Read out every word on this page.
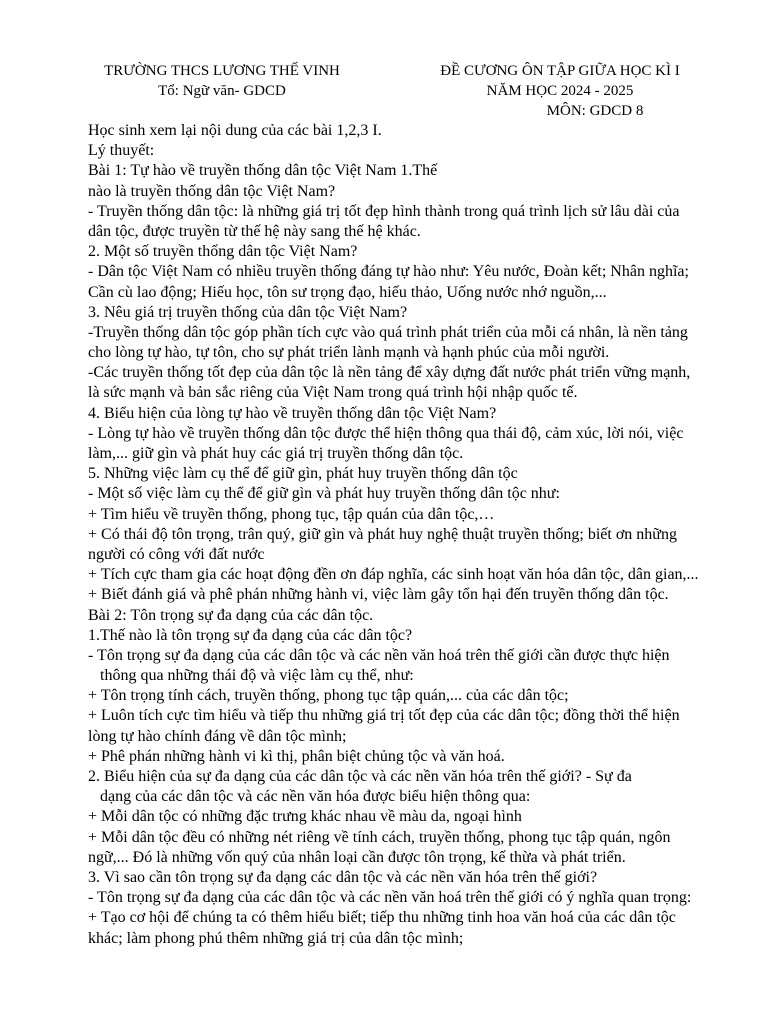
TRƯỜNG THCS LƯƠNG THẾ VINH
Tổ: Ngữ văn- GDCD
ĐỀ CƯƠNG ÔN TẬP GIỮA HỌC KÌ I
NĂM HỌC 2024 - 2025
MÔN: GDCD 8
Học sinh xem lại nội dung của các bài 1,2,3 I.
Lý thuyết:
Bài 1: Tự hào về truyền thống dân tộc Việt Nam 1.Thế
nào là truyền thống dân tộc Việt Nam?
- Truyền thống dân tộc: là những giá trị tốt đẹp hình thành trong quá trình lịch sử lâu dài của
dân tộc, được truyền từ thế hệ này sang thế hệ khác.
2. Một số truyền thống dân tộc Việt Nam?
- Dân tộc Việt Nam có nhiều truyền thống đáng tự hào như: Yêu nước, Đoàn kết; Nhân nghĩa;
Cần cù lao động; Hiếu học, tôn sư trọng đạo, hiếu thảo, Uống nước nhớ nguồn,...
3. Nêu giá trị truyền thống của dân tộc Việt Nam?
-Truyền thống dân tộc góp phần tích cực vào quá trình phát triển của mỗi cá nhân, là nền tảng
cho lòng tự hào, tự tôn, cho sự phát triển lành mạnh và hạnh phúc của mỗi người.
-Các truyền thống tốt đẹp của dân tộc là nền tảng để xây dựng đất nước phát triển vững mạnh,
là sức mạnh và bản sắc riêng của Việt Nam trong quá trình hội nhập quốc tế.
4. Biểu hiện của lòng tự hào về truyền thống dân tộc Việt Nam?
- Lòng tự hào về truyền thống dân tộc được thể hiện thông qua thái độ, cảm xúc, lời nói, việc
làm,... giữ gìn và phát huy các giá trị truyền thống dân tộc.
5. Những việc làm cụ thể để giữ gìn, phát huy truyền thống dân tộc
- Một số việc làm cụ thể để giữ gìn và phát huy truyền thống dân tộc như:
+ Tìm hiểu về truyền thống, phong tục, tập quán của dân tộc,…
+ Có thái độ tôn trọng, trân quý, giữ gìn và phát huy nghệ thuật truyền thống; biết ơn những
người có công với đất nước
+ Tích cực tham gia các hoạt động đền ơn đáp nghĩa, các sinh hoạt văn hóa dân tộc, dân gian,...
+ Biết đánh giá và phê phán những hành vi, việc làm gây tổn hại đến truyền thống dân tộc.
Bài 2: Tôn trọng sự đa dạng của các dân tộc.
1.Thế nào là tôn trọng sự đa dạng của các dân tộc?
- Tôn trọng sự đa dạng của các dân tộc và các nền văn hoá trên thế giới cần được thực hiện
thông qua những thái độ và việc làm cụ thể, như:
+ Tôn trọng tính cách, truyền thống, phong tục tập quán,... của các dân tộc;
+ Luôn tích cực tìm hiểu và tiếp thu những giá trị tốt đẹp của các dân tộc; đồng thời thể hiện
lòng tự hào chính đáng về dân tộc mình;
+ Phê phán những hành vi kì thị, phân biệt chủng tộc và văn hoá.
2. Biểu hiện của sự đa dạng của các dân tộc và các nền văn hóa trên thế giới? - Sự đa
dạng của các dân tộc và các nền văn hóa được biểu hiện thông qua:
+ Mỗi dân tộc có những đặc trưng khác nhau về màu da, ngoại hình
+ Mỗi dân tộc đều có những nét riêng về tính cách, truyền thống, phong tục tập quán, ngôn
ngữ,... Đó là những vốn quý của nhân loại cần được tôn trọng, kế thừa và phát triển.
3. Vì sao cần tôn trọng sự đa dạng các dân tộc và các nền văn hóa trên thế giới?
- Tôn trọng sự đa dạng của các dân tộc và các nền văn hoá trên thế giới có ý nghĩa quan trọng:
+ Tạo cơ hội để chúng ta có thêm hiểu biết; tiếp thu những tinh hoa văn hoá của các dân tộc
khác; làm phong phú thêm những giá trị của dân tộc mình;
